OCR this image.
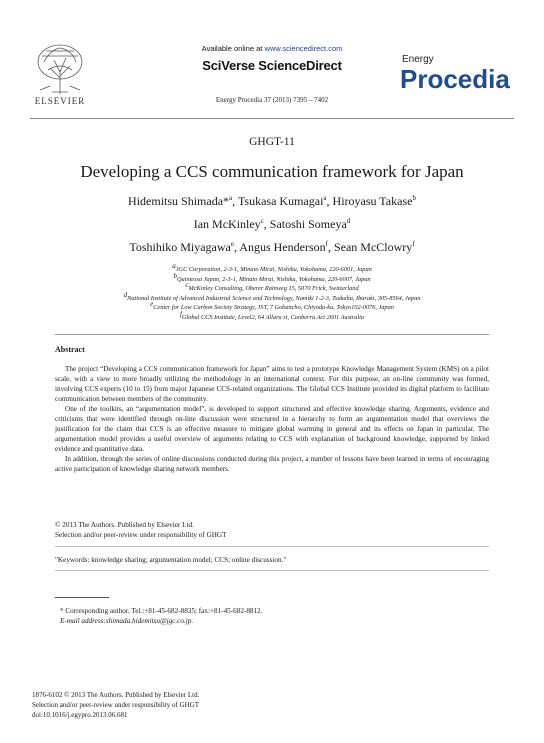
ELSEVIER
Available online at www.sciencedirect.com
SciVerse ScienceDirect
Energy Procedia 37 (2013) 7395 – 7402
Energy
Procedia
GHGT-11
Developing a CCS communication framework for Japan
Hidemitsu Shimada*$^a$, Tsukasa Kumagai$^a$, Hiroyasu Takase$^b$
Ian McKinley$^c$, Satoshi Someya$^d$
Toshihiko Miyagawa$^e$, Angus Henderson$^f$, Sean McClowry$^f$
$^a$JGC Corporation, 2-3-1, Minato Mirai, Nishiku, Yokohama, 220-6001, Japan
$^b$Quintessa Japan, 2-3-1, Minato Mirai, Nishiku, Yokohama, 220-6007, Japan
$^c$McKinley Consulting, Oberer Rainweg 15, 5070 Frick, Switzerland
$^d$National Institute of Advanced Industrial Science and Technology, Namiki 1-2-3, Tsukuba, Ibaraki, 305-8564, Japan
$^e$Center for Low Carbon Society Strategy, JST, 7 Gobancho, Chiyoda-ku, Tokyo102-0076, Japan
$^f$Global CCS Institute, Level2, 64 Allara st, Canberra Act 2601 Australia
Abstract

The project “Developing a CCS communication framework for Japan” aims to test a prototype Knowledge Management System (KMS) on a pilot scale, with a view to more broadly utilizing the methodology in an international context. For this purpose, an on-line community was formed, involving CCS experts (10 to 15) from major Japanese CCS-related organizations. The Global CCS Institute provided its digital platform to facilitate communication between members of the community.

One of the toolkits, an “argumentation model”, is developed to support structured and effective knowledge sharing. Arguments, evidence and criticisms that were identified through on-line discussion were structured in a hierarchy to form an argumentation model that overviews the justification for the claim that CCS is an effective measure to mitigate global warming in general and its effects on Japan in particular. The argumentation model provides a useful overview of arguments relating to CCS with explanation of background knowledge, supported by linked evidence and quantitative data.

In addition, through the series of online discussions conducted during this project, a number of lessons have been learned in terms of encouraging active participation of knowledge sharing network members.

© 2013 The Authors. Published by Elsevier Ltd.
Selection and/or peer-review under responsibility of GHGT
"Keywords: knowledge sharing; argumentation model; CCS; online discussion."
* Corresponding author. Tel.:+81-45-682-8835; fax:+81-45-682-8812.
E-mail address:shimada.hidemitsu@jgc.co.jp.
1876-6102 © 2013 The Authors. Published by Elsevier Ltd.
Selection and/or peer-review under responsibility of GHGT
doi:10.1016/j.egypro.2013.06.681
